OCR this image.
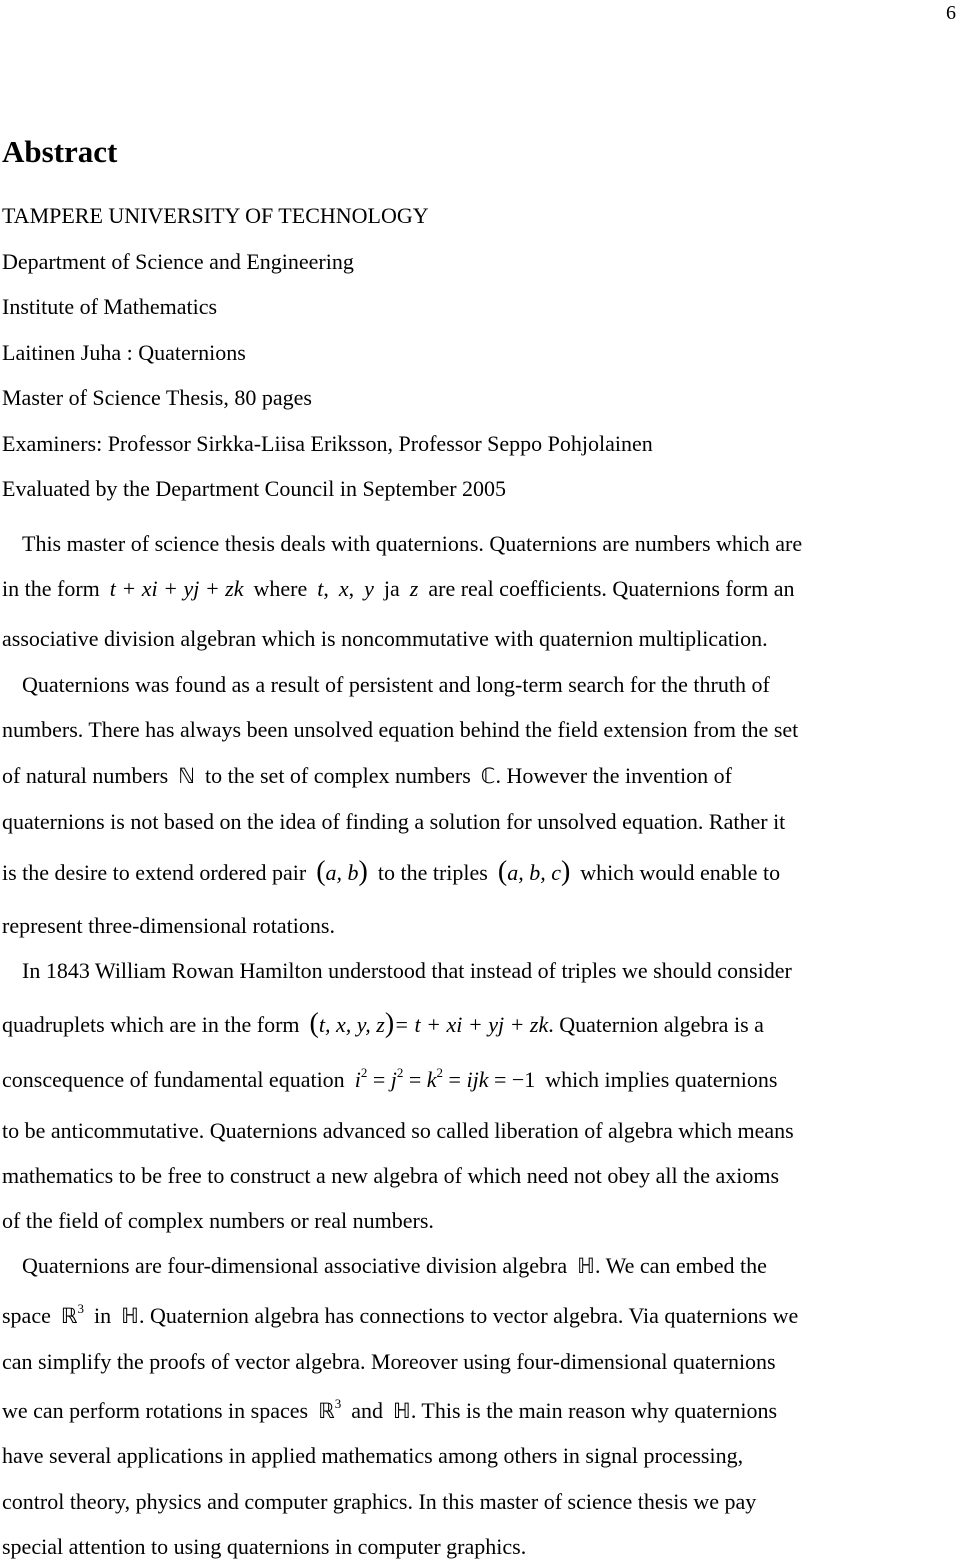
6
Abstract
TAMPERE UNIVERSITY OF TECHNOLOGY
Department of Science and Engineering
Institute of Mathematics
Laitinen Juha : Quaternions
Master of Science Thesis, 80 pages
Examiners: Professor Sirkka-Liisa Eriksson, Professor Seppo Pohjolainen
Evaluated by the Department Council in September 2005
This master of science thesis deals with quaternions. Quaternions are numbers which are
in the form t + xi + yj + zk where t, x, y ja z are real coefficients. Quaternions form an
associative division algebran which is noncommutative with quaternion multiplication.
Quaternions was found as a result of persistent and long-term search for the thruth of
numbers. There has always been unsolved equation behind the field extension from the set
of natural numbers ℕ to the set of complex numbers ℂ. However the invention of
quaternions is not based on the idea of finding a solution for unsolved equation. Rather it
is the desire to extend ordered pair (a, b) to the triples (a, b, c) which would enable to
represent three-dimensional rotations.
In 1843 William Rowan Hamilton understood that instead of triples we should consider
quadruplets which are in the form (t, x, y, z)= t + xi + yj + zk. Quaternion algebra is a
conscequence of fundamental equation $i^2 = j^2 = k^2$ = ijk = −1 which implies quaternions
to be anticommutative. Quaternions advanced so called liberation of algebra which means
mathematics to be free to construct a new algebra of which need not obey all the axioms
of the field of complex numbers or real numbers.
Quaternions are four-dimensional associative division algebra ℍ. We can embed the
space ℝ$^3$ in ℍ. Quaternion algebra has connections to vector algebra. Via quaternions we
can simplify the proofs of vector algebra. Moreover using four-dimensional quaternions
we can perform rotations in spaces ℝ$^3$ and ℍ. This is the main reason why quaternions
have several applications in applied mathematics among others in signal processing,
control theory, physics and computer graphics. In this master of science thesis we pay
special attention to using quaternions in computer graphics.
